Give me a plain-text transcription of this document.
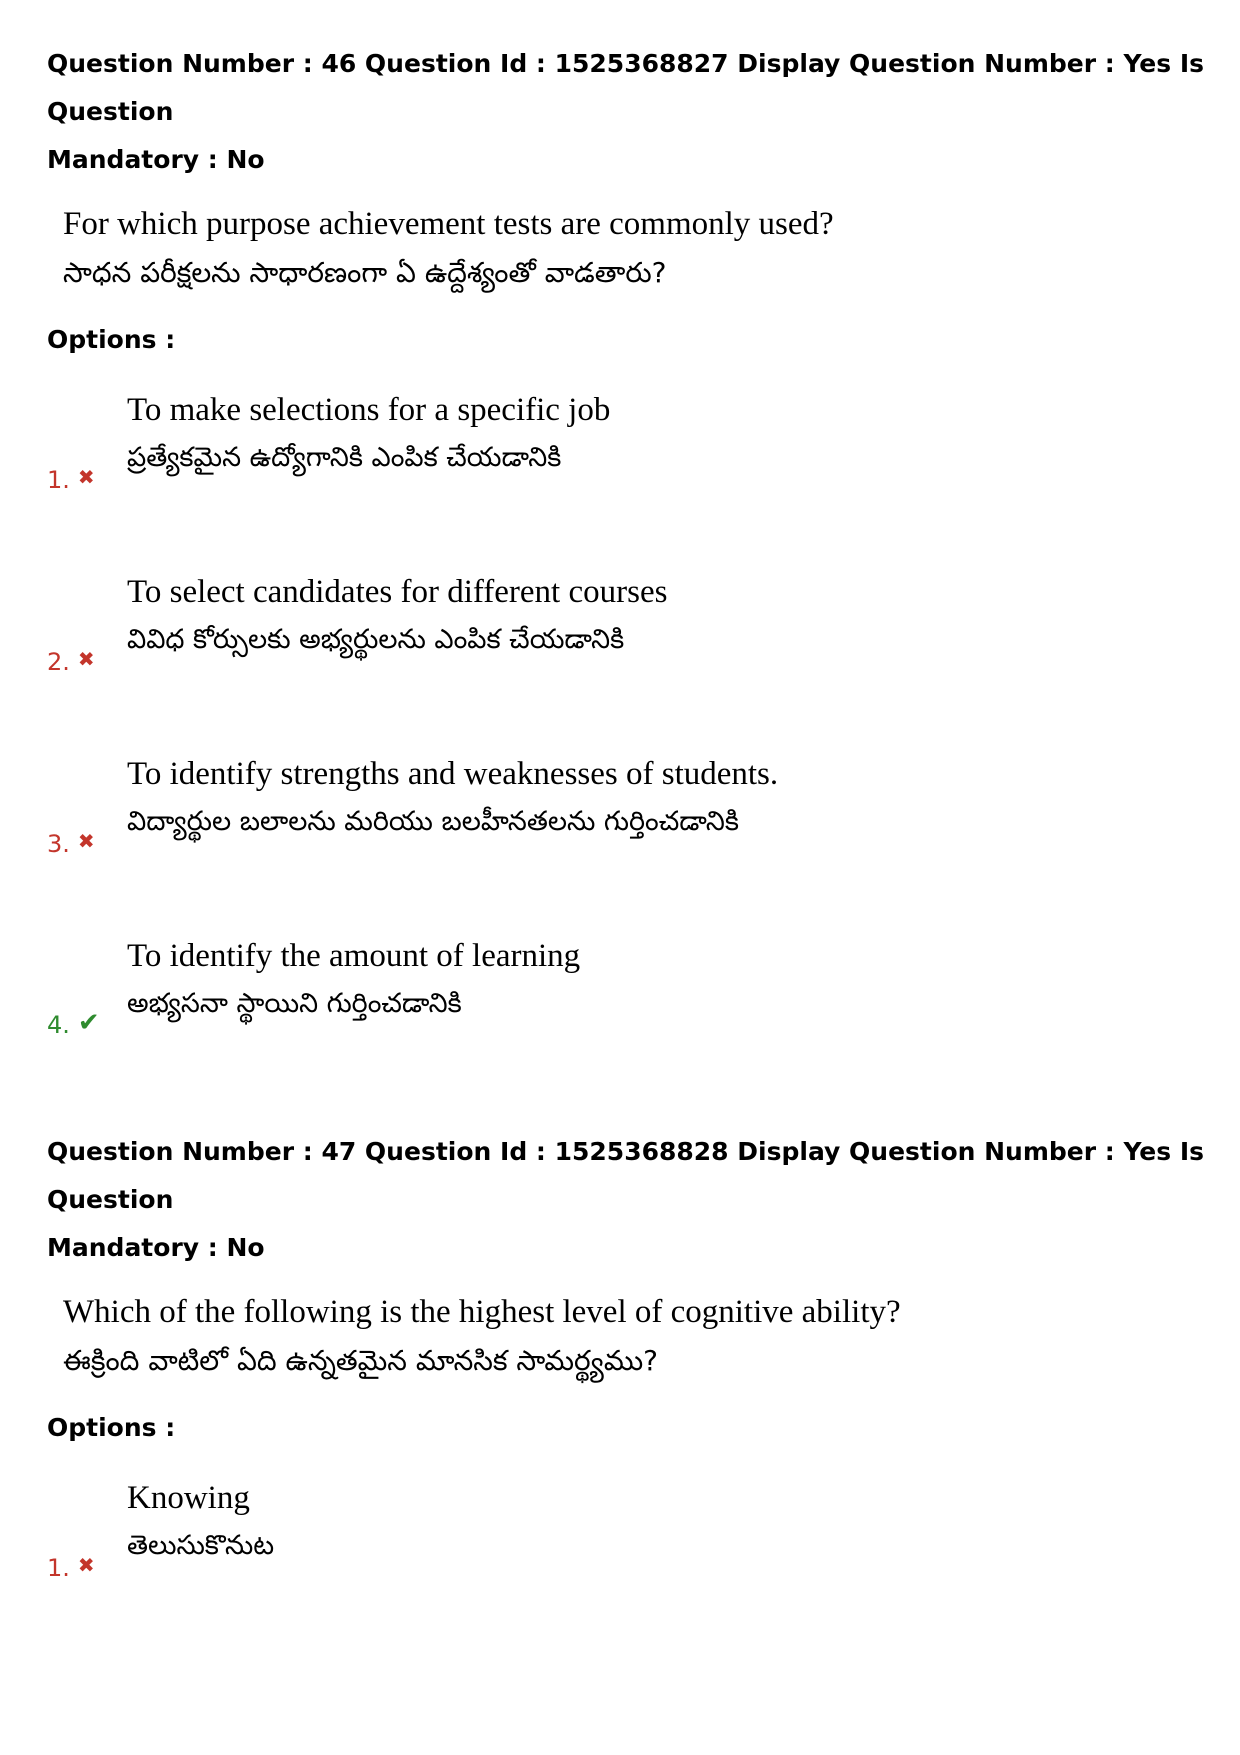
Question Number : 46 Question Id : 1525368827 Display Question Number : Yes Is Question
Mandatory : No

For which purpose achievement tests are commonly used?
సాధన పరీక్షలను సాధారణంగా ఏ ఉద్దేశ్యంతో వాడతారు?

Options :

To make selections for a specific job
ప్రత్యేకమైన ఉద్యోగానికి ఎంపిక చేయడానికి
1. ✖
To select candidates for different courses
వివిధ కోర్సులకు అభ్యర్థులను ఎంపిక చేయడానికి
2. ✖
To identify strengths and weaknesses of students.
విద్యార్థుల బలాలను మరియు బలహీనతలను గుర్తించడానికి
3. ✖
To identify the amount of learning
అభ్యసనా స్థాయిని గుర్తించడానికి
4. ✔

Question Number : 47 Question Id : 1525368828 Display Question Number : Yes Is Question
Mandatory : No

Which of the following is the highest level of cognitive ability?
ఈక్రింది వాటిలో ఏది ఉన్నతమైన మానసిక సామర్థ్యము?

Options :

Knowing
తెలుసుకొనుట
1. ✖
